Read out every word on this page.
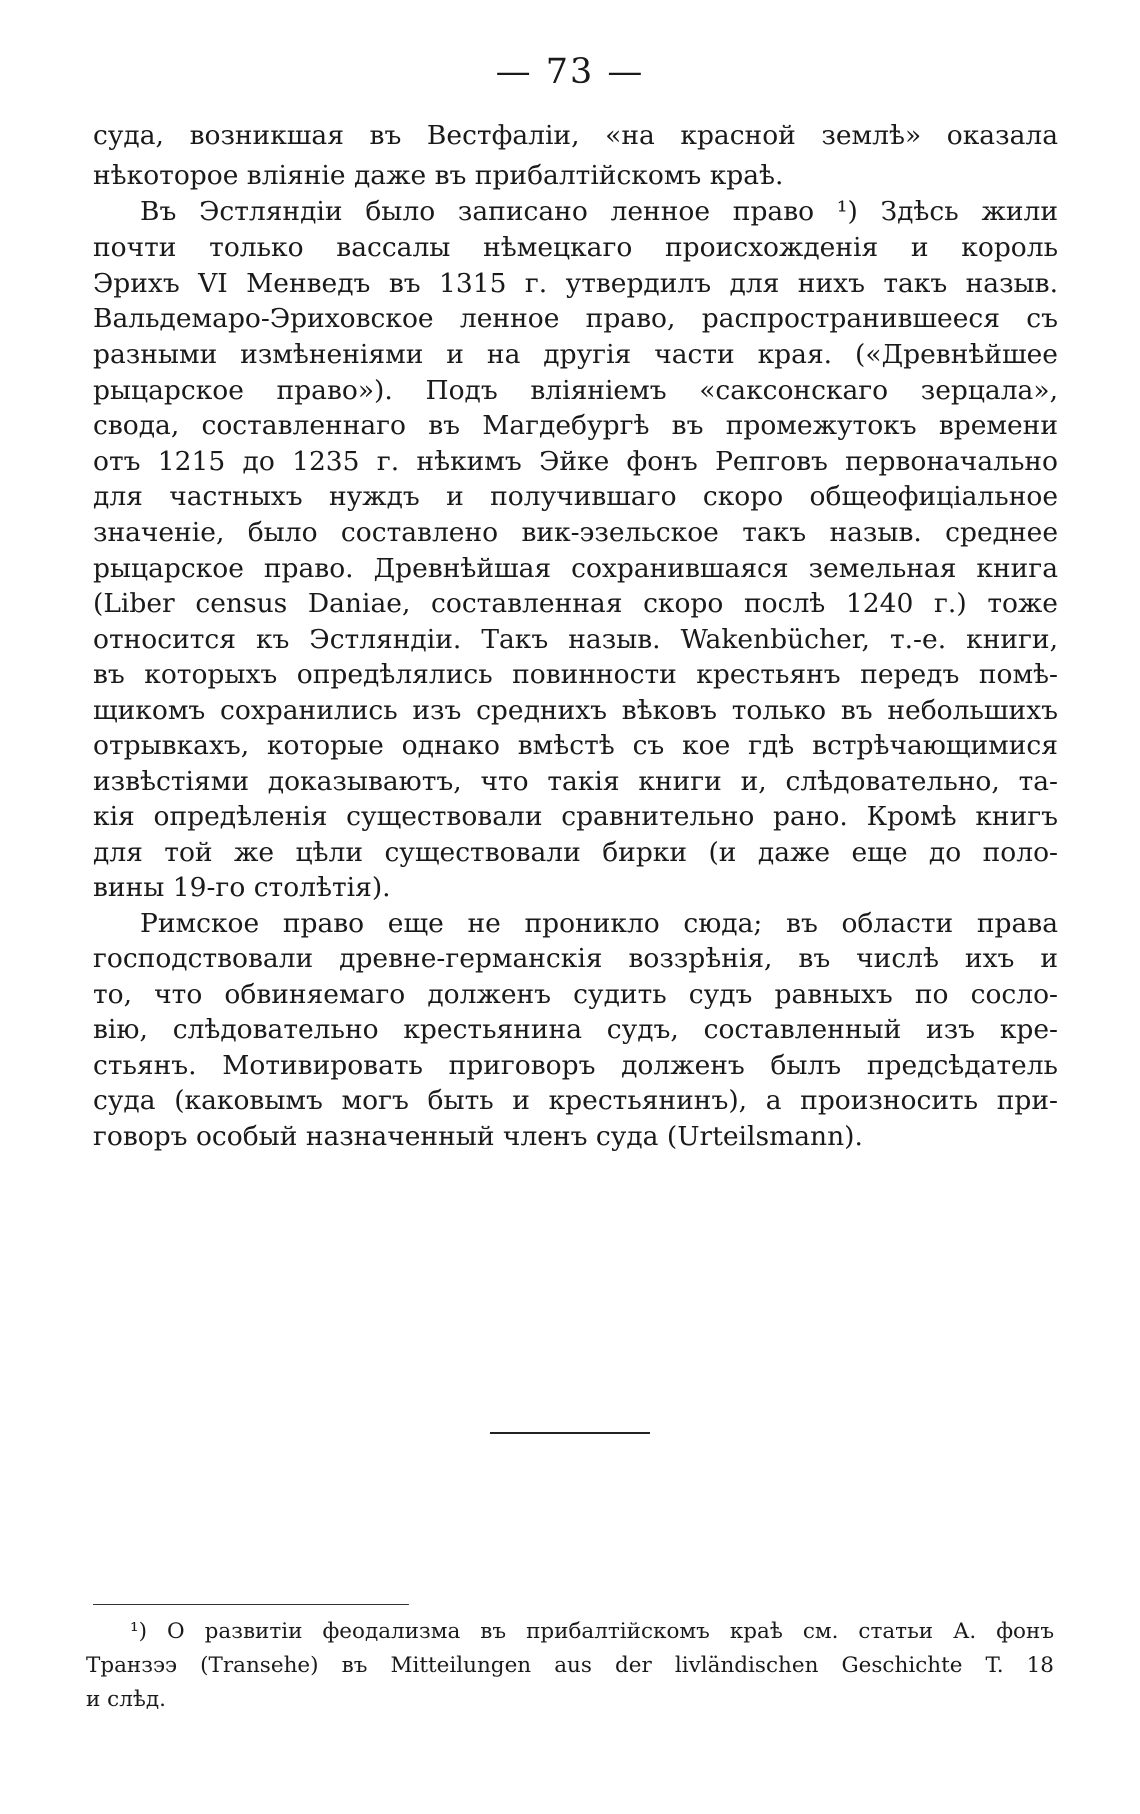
— 73 —
суда, возникшая въ Вестфаліи, «на красной землѣ» оказала
нѣкоторое вліяніе даже въ прибалтійскомъ краѣ.
Въ Эстляндіи было записано ленное право ¹) Здѣсь жили
почти только вассалы нѣмецкаго происхожденія и король
Эрихъ VI Менведъ въ 1315 г. утвердилъ для нихъ такъ назыв.
Вальдемаро-Эриховское ленное право, распространившееся съ
разными измѣненіями и на другія части края. («Древнѣйшее
рыцарское право»). Подъ вліяніемъ «саксонскаго зерцала»,
свода, составленнаго въ Магдебургѣ въ промежутокъ времени
отъ 1215 до 1235 г. нѣкимъ Эйке фонъ Репговъ первоначально
для частныхъ нуждъ и получившаго скоро общеофиціальное
значеніе, было составлено вик-эзельское такъ назыв. среднее
рыцарское право. Древнѣйшая сохранившаяся земельная книга
(Liber census Daniae, составленная скоро послѣ 1240 г.) тоже
относится къ Эстляндіи. Такъ назыв. Wakenbücher, т.-е. книги,
въ которыхъ опредѣлялись повинности крестьянъ передъ помѣ-
щикомъ сохранились изъ среднихъ вѣковъ только въ небольшихъ
отрывкахъ, которые однако вмѣстѣ съ кое гдѣ встрѣчающимися
извѣстіями доказываютъ, что такія книги и, слѣдовательно, та-
кія опредѣленія существовали сравнительно рано. Кромѣ книгъ
для той же цѣли существовали бирки (и даже еще до поло-
вины 19-го столѣтія).
Римское право еще не проникло сюда; въ области права
господствовали древне-германскія воззрѣнія, въ числѣ ихъ и
то, что обвиняемаго долженъ судить судъ равныхъ по сосло-
вію, слѣдовательно крестьянина судъ, составленный изъ кре-
стьянъ. Мотивировать приговоръ долженъ былъ предсѣдатель
суда (каковымъ могъ быть и крестьянинъ), а произносить при-
говоръ особый назначенный членъ суда (Urteilsmann).
¹) О развитіи феодализма въ прибалтійскомъ краѣ см. статьи А. фонъ
Транзээ (Transehe) въ Mitteilungen aus der livländischen Geschichte T. 18
и слѣд.
